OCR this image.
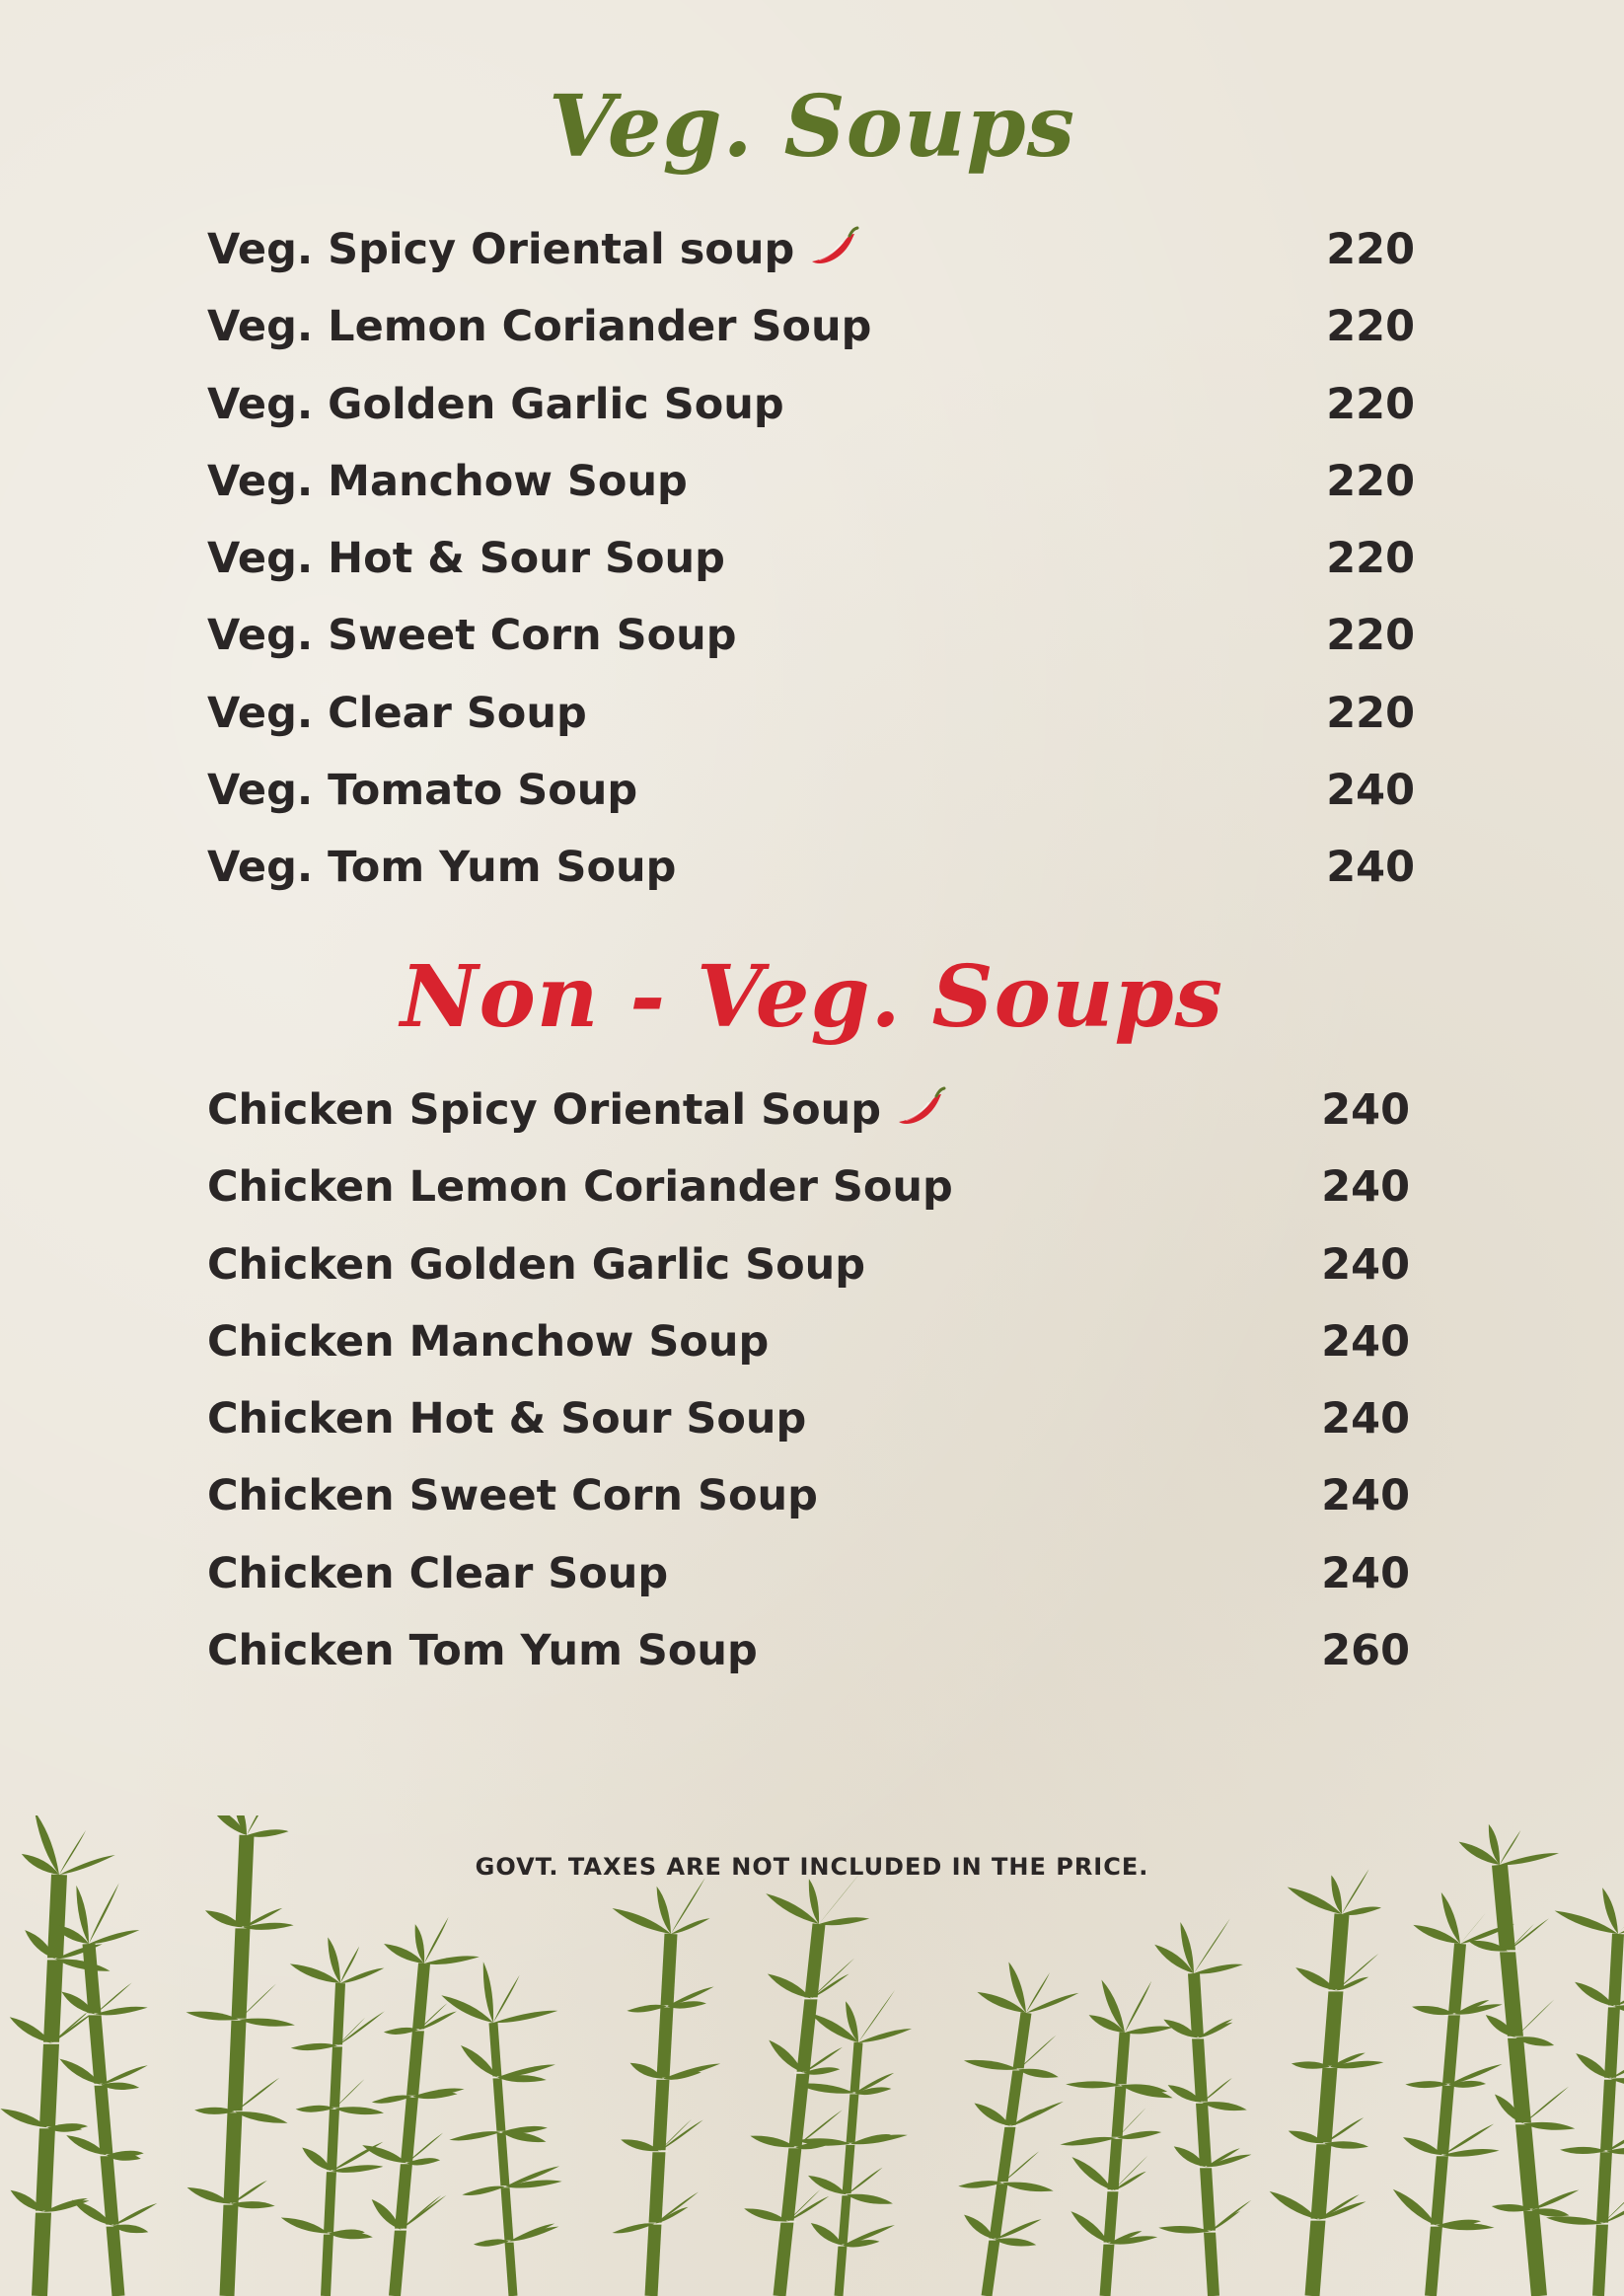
Veg. Soups
Veg. Spicy Oriental soup	220
Veg. Lemon Coriander Soup	220
Veg. Golden Garlic Soup	220
Veg. Manchow Soup	220
Veg. Hot & Sour Soup	220
Veg. Sweet Corn Soup	220
Veg. Clear Soup	220
Veg. Tomato Soup	240
Veg. Tom Yum Soup	240
Non - Veg. Soups
Chicken Spicy Oriental Soup	240
Chicken Lemon Coriander Soup	240
Chicken Golden Garlic Soup	240
Chicken Manchow Soup	240
Chicken Hot & Sour Soup	240
Chicken Sweet Corn Soup	240
Chicken Clear Soup	240
Chicken Tom Yum Soup	260
GOVT. TAXES ARE NOT INCLUDED IN THE PRICE.
